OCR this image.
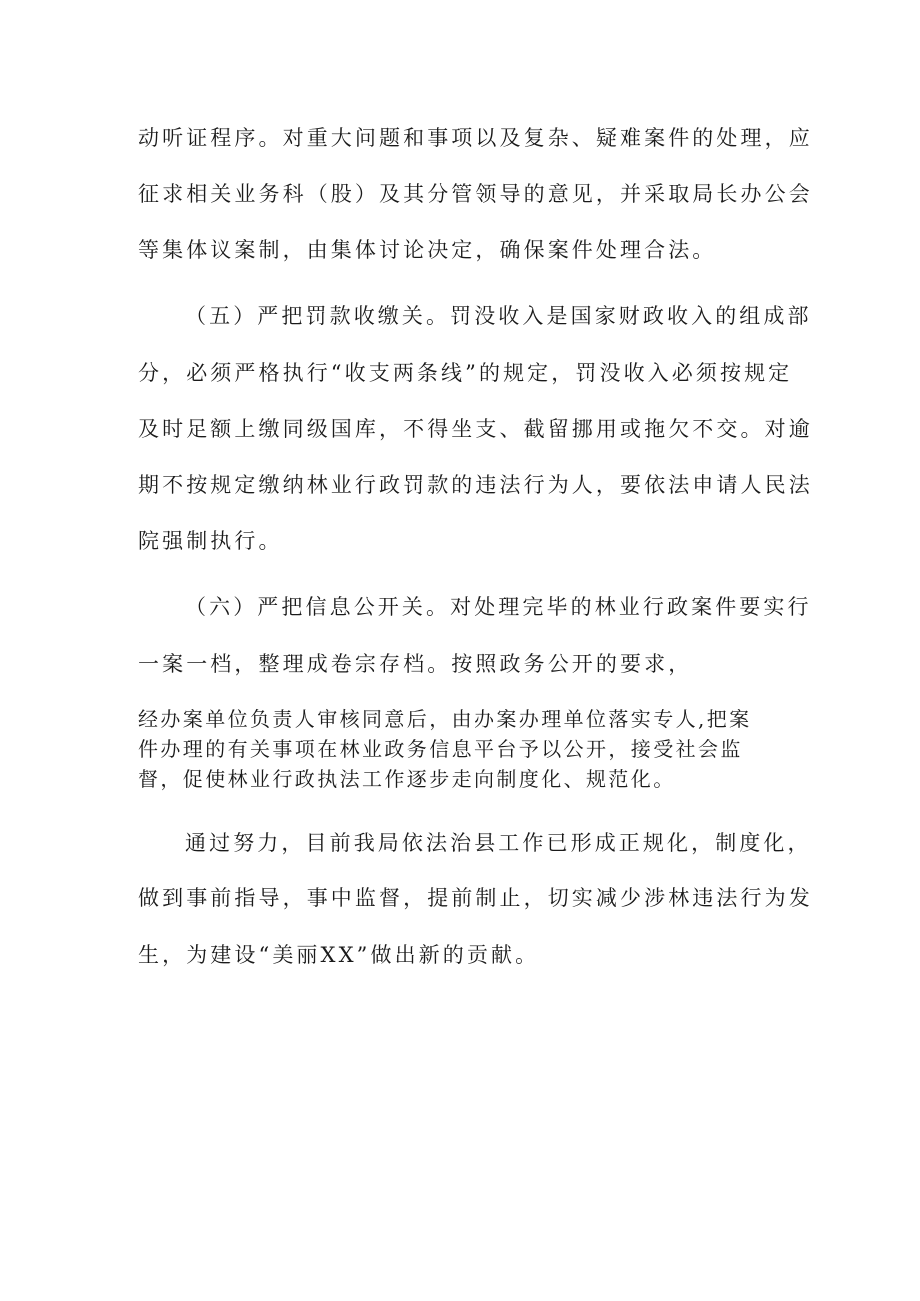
动听证程序。对重大问题和事项以及复杂、疑难案件的处理，应
征求相关业务科（股）及其分管领导的意见，并采取局长办公会
等集体议案制，由集体讨论决定，确保案件处理合法。
（五）严把罚款收缴关。罚没收入是国家财政收入的组成部
分，必须严格执行“收支两条线”的规定，罚没收入必须按规定
及时足额上缴同级国库，不得坐支、截留挪用或拖欠不交。对逾
期不按规定缴纳林业行政罚款的违法行为人，要依法申请人民法
院强制执行。
（六）严把信息公开关。对处理完毕的林业行政案件要实行
一案一档，整理成卷宗存档。按照政务公开的要求，
经办案单位负责人审核同意后，由办案办理单位落实专人,把案
件办理的有关事项在林业政务信息平台予以公开，接受社会监
督，促使林业行政执法工作逐步走向制度化、规范化。
通过努力，目前我局依法治县工作已形成正规化，制度化，
做到事前指导，事中监督，提前制止，切实减少涉林违法行为发
生，为建设“美丽XX”做出新的贡献。
